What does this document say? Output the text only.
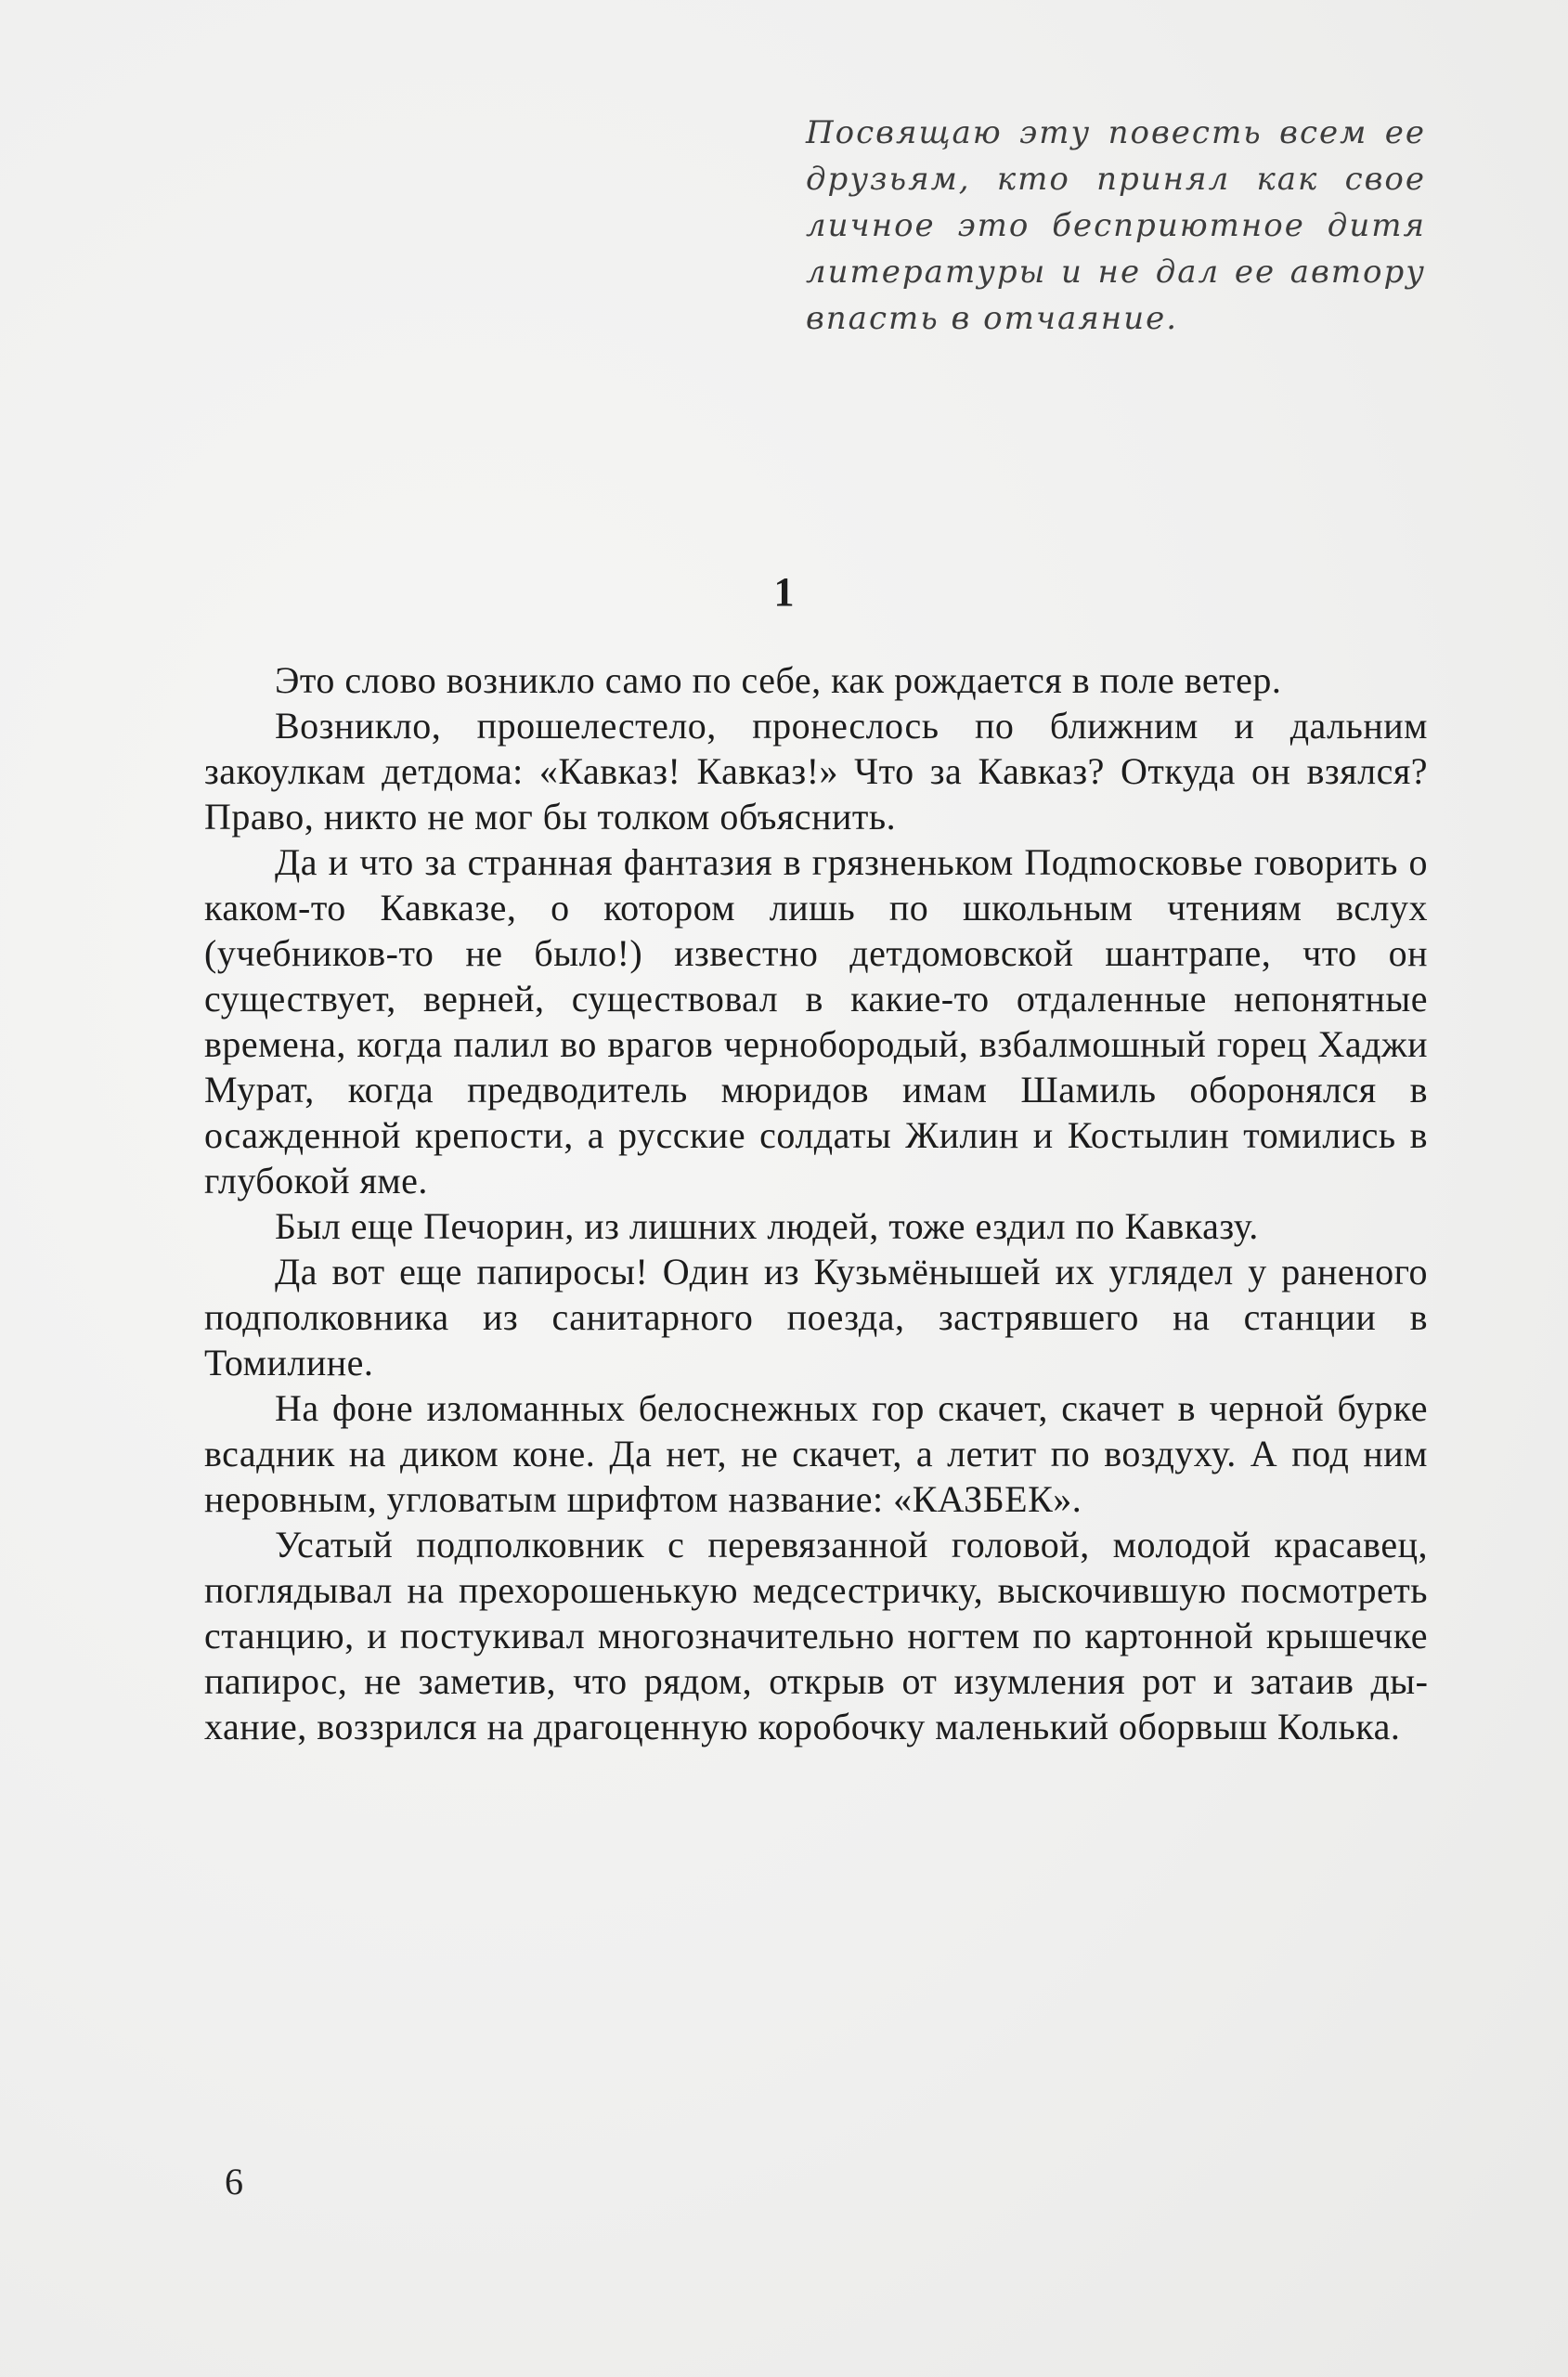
Посвящаю эту повесть всем ее друзьям, кто принял как свое личное это бесприютное дитя литературы и не дал ее автору впасть в отчаяние.
1

Это слово возникло само по себе, как рождается в поле ветер.

Возникло, прошелестело, пронеслось по ближним и дальним закоулкам детдома: «Кавказ! Кавказ!» Что за Кавказ? Откуда он взялся? Право, никто не мог бы толком объяснить.

Да и что за странная фантазия в грязненьком Подmосковье говорить о каком-то Кавказе, о котором лишь по школьным чтениям вслух (учебников-то не было!) известно детдомовской шантрапе, что он существует, верней, существовал в какие-то отдаленные непонятные времена, когда палил во врагов чернобородый, взбалмошный горец Хаджи Мурат, когда предводитель мюридов имам Шамиль оборонялся в осажденной крепости, а русские солдаты Жилин и Костылин томились в глубокой яме.

Был еще Печорин, из лишних людей, тоже ездил по Кавказу.

Да вот еще папиросы! Один из Кузьмёнышей их углядел у раненого подполковника из санитарного поезда, застрявшего на станции в Томилине.

На фоне изломанных белоснежных гор скачет, скачет в черной бурке всадник на диком коне. Да нет, не скачет, а летит по воздуху. А под ним неровным, угловатым шрифтом название: «КАЗБЕК».

Усатый подполковник с перевязанной головой, молодой красавец, поглядывал на прехорошенькую медсестричку, выскочившую посмотреть станцию, и постукивал многозначительно ногтем по картонной крышечке папирос, не заметив, что рядом, открыв от изумления рот и затаив дыхание, воззрился на драгоценную коробочку маленький оборвыш Колька.

6
